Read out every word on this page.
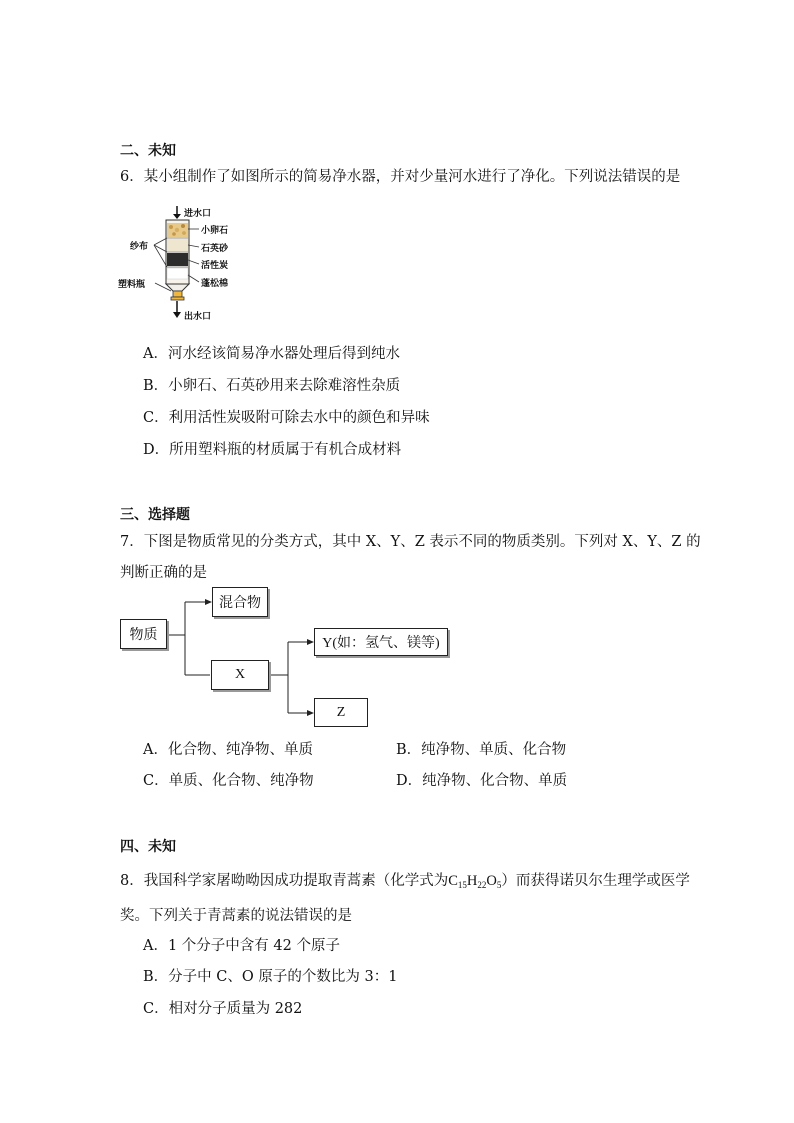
二、未知
6．某小组制作了如图所示的简易净水器，并对少量河水进行了净化。下列说法错误的是
进水口
小卵石
石英砂
活性炭
蓬松棉
纱布
塑料瓶
出水口
A．河水经该简易净水器处理后得到纯水
B．小卵石、石英砂用来去除难溶性杂质
C．利用活性炭吸附可除去水中的颜色和异味
D．所用塑料瓶的材质属于有机合成材料
三、选择题
7．下图是物质常见的分类方式，其中 X、Y、Z 表示不同的物质类别。下列对 X、Y、Z 的
判断正确的是
物质
混合物
X
Y(如：氢气、镁等)
Z
A．化合物、纯净物、单质	B．纯净物、单质、化合物
C．单质、化合物、纯净物	D．纯净物、化合物、单质
四、未知
8．我国科学家屠呦呦因成功提取青蒿素（化学式为$C_{15}H_{22}O_5$）而获得诺贝尔生理学或医学
奖。下列关于青蒿素的说法错误的是
A．1 个分子中含有 42 个原子
B．分子中 C、O 原子的个数比为 3：1
C．相对分子质量为 282
